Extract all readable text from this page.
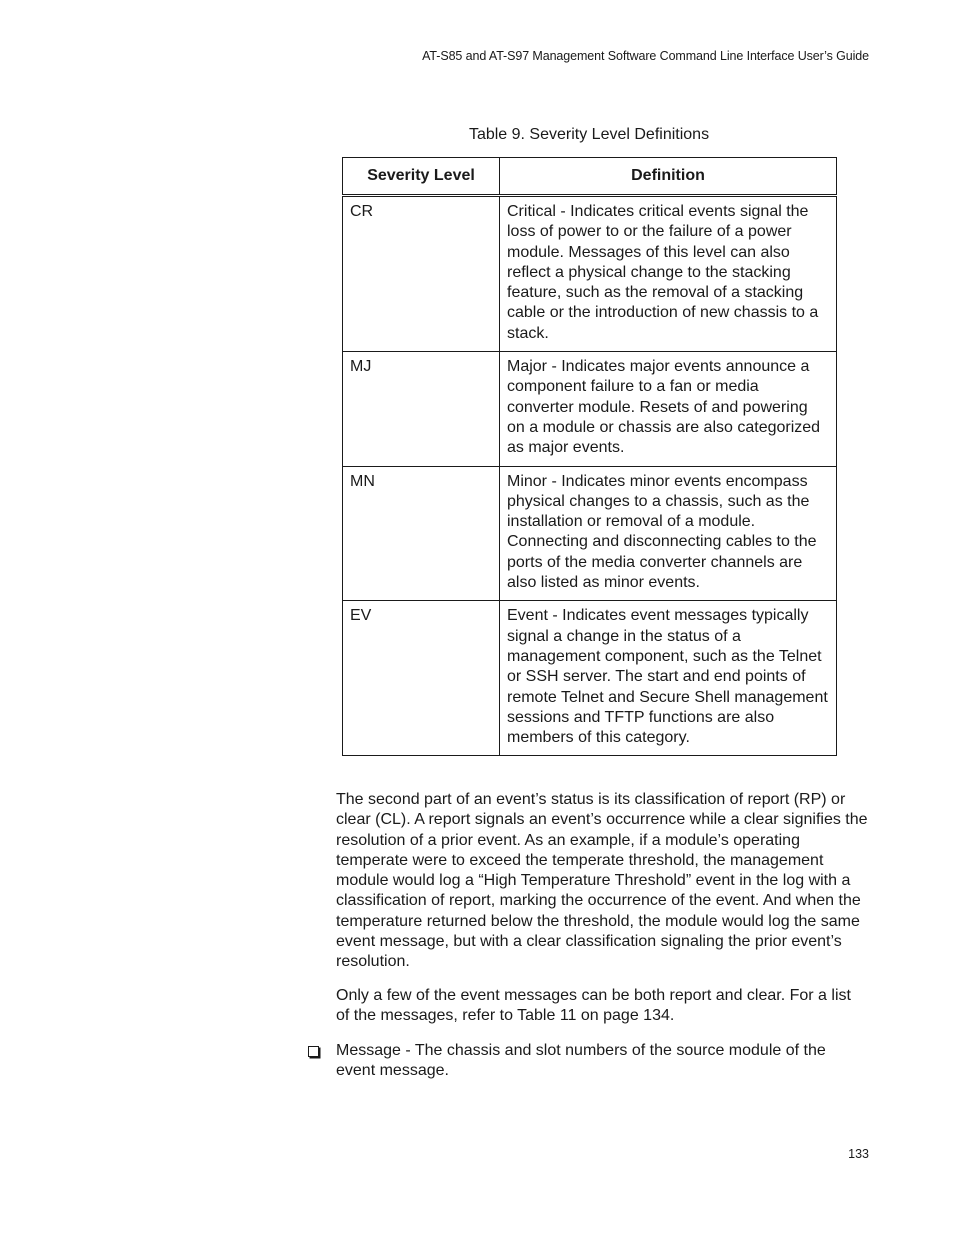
AT-S85 and AT-S97 Management Software Command Line Interface User’s Guide
Table 9. Severity Level Definitions
Severity Level	Definition
CR	Critical - Indicates critical events signal the loss of power to or the failure of a power module. Messages of this level can also reflect a physical change to the stacking feature, such as the removal of a stacking cable or the introduction of new chassis to a stack.
MJ	Major - Indicates major events announce a component failure to a fan or media converter module. Resets of and powering on a module or chassis are also categorized as major events.
MN	Minor - Indicates minor events encompass physical changes to a chassis, such as the installation or removal of a module. Connecting and disconnecting cables to the ports of the media converter channels are also listed as minor events.
EV	Event - Indicates event messages typically signal a change in the status of a management component, such as the Telnet or SSH server. The start and end points of remote Telnet and Secure Shell management sessions and TFTP functions are also members of this category.

The second part of an event’s status is its classification of report (RP) or clear (CL). A report signals an event’s occurrence while a clear signifies the resolution of a prior event. As an example, if a module’s operating temperate were to exceed the temperate threshold, the management module would log a “High Temperature Threshold” event in the log with a classification of report, marking the occurrence of the event. And when the temperature returned below the threshold, the module would log the same event message, but with a clear classification signaling the prior event’s resolution.

Only a few of the event messages can be both report and clear. For a list of the messages, refer to Table 11 on page 134.

Message - The chassis and slot numbers of the source module of the event message.
133
